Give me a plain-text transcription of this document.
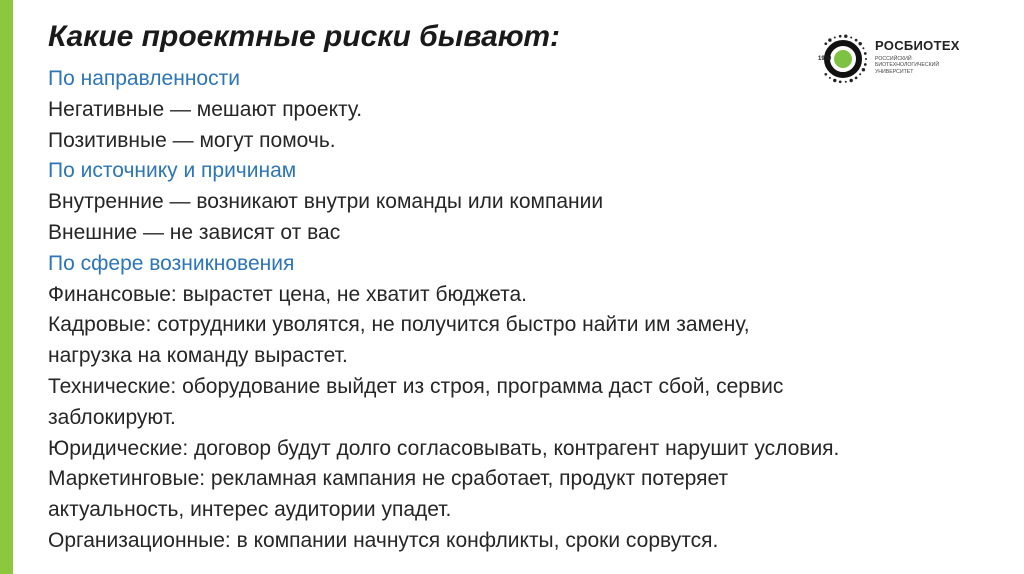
Какие проектные риски бывают:
1930
РОСБИОТЕХ
РОССИЙСКИЙ БИОТЕХНОЛОГИЧЕСКИЙ УНИВЕРСИТЕТ
По направленности
Негативные — мешают проекту.
Позитивные — могут помочь.
По источнику и причинам
Внутренние — возникают внутри команды или компании
Внешние — не зависят от вас
По сфере возникновения
Финансовые: вырастет цена, не хватит бюджета.
Кадровые: сотрудники уволятся, не получится быстро найти им замену,
нагрузка на команду вырастет.
Технические: оборудование выйдет из строя, программа даст сбой, сервис
заблокируют.
Юридические: договор будут долго согласовывать, контрагент нарушит условия.
Маркетинговые: рекламная кампания не сработает, продукт потеряет
актуальность, интерес аудитории упадет.
Организационные: в компании начнутся конфликты, сроки сорвутся.
